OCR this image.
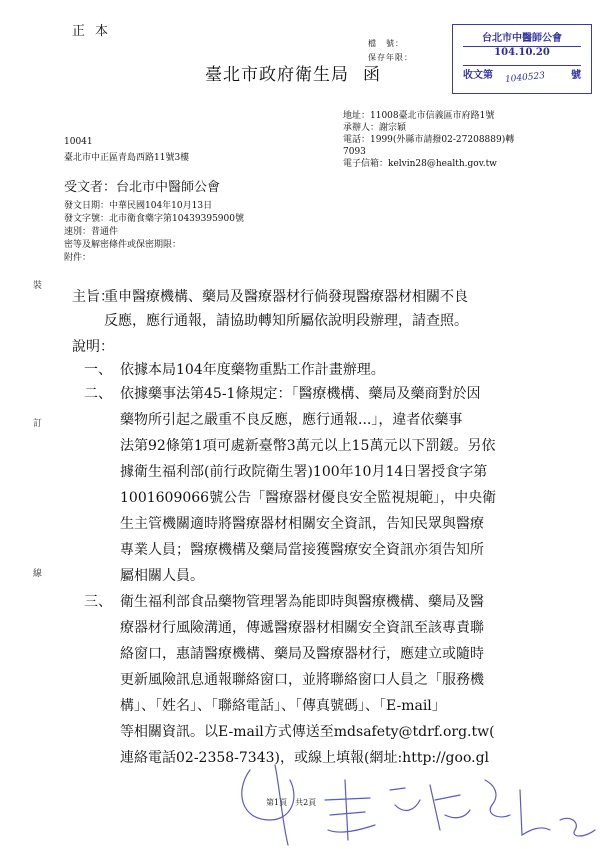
正本
檔　號：
保存年限：
台北市中醫師公會
104.10.20
收文第	號
1040523
臺北市政府衛生局 函
地址：11008臺北市信義區市府路1號
承辦人：謝宗穎
電話：1999(外縣市請撥02-27208889)轉
7093
電子信箱：kelvin28@health.gov.tw
10041
臺北市中正區青島西路11號3樓
受文者：台北市中醫師公會
發文日期：中華民國104年10月13日
發文字號：北市衛食藥字第10439395900號
速別：普通件
密等及解密條件或保密期限：
附件：
裝
訂
線
主旨：
重申醫療機構、藥局及醫療器材行倘發現醫療器材相關不良
反應，應行通報，請協助轉知所屬依說明段辦理，請查照。
說明：
一、 依據本局104年度藥物重點工作計畫辦理。
二、 依據藥事法第45-1條規定：「醫療機構、藥局及藥商對於因
藥物所引起之嚴重不良反應，應行通報...」，違者依藥事
法第92條第1項可處新臺幣3萬元以上15萬元以下罰鍰。另依
據衛生福利部(前行政院衛生署)100年10月14日署授食字第
1001609066號公告「醫療器材優良安全監視規範」，中央衛
生主管機關適時將醫療器材相關安全資訊，告知民眾與醫療
專業人員；醫療機構及藥局當接獲醫療安全資訊亦須告知所
屬相關人員。
三、 衛生福利部食品藥物管理署為能即時與醫療機構、藥局及醫
療器材行風險溝通，傳遞醫療器材相關安全資訊至該專責聯
絡窗口，惠請醫療機構、藥局及醫療器材行，應建立或隨時
更新風險訊息通報聯絡窗口，並將聯絡窗口人員之「服務機
構」、「姓名」、「聯絡電話」、「傳真號碼」、「E-mail」
等相關資訊。以E-mail方式傳送至mdsafety@tdrf.org.tw(
連絡電話02-2358-7343)，或線上填報(網址:http://goo.gl
第1頁　共2頁
